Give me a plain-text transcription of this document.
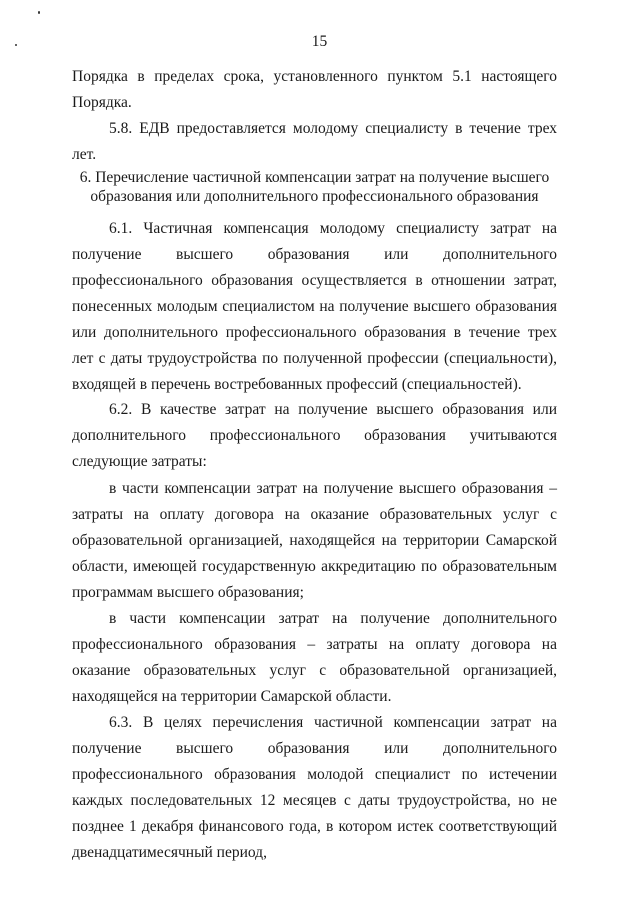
15

Порядка в пределах срока, установленного пунктом 5.1 настоящего Порядка.

5.8. ЕДВ предоставляется молодому специалисту в течение трех лет.

6. Перечисление частичной компенсации затрат на получение высшего
образования или дополнительного профессионального образования

6.1. Частичная компенсация молодому специалисту затрат на получение высшего образования или дополнительного профессионального образования осуществляется в отношении затрат, понесенных молодым специалистом на получение высшего образования или дополнительного профессионального образования в течение трех лет с даты трудоустройства по полученной профессии (специальности), входящей в перечень востребованных профессий (специальностей).

6.2. В качестве затрат на получение высшего образования или дополнительного профессионального образования учитываются следующие затраты:

в части компенсации затрат на получение высшего образования – затраты на оплату договора на оказание образовательных услуг с образовательной организацией, находящейся на территории Самарской области, имеющей государственную аккредитацию по образовательным программам высшего образования;

в части компенсации затрат на получение дополнительного профессионального образования – затраты на оплату договора на оказание образовательных услуг с образовательной организацией, находящейся на территории Самарской области.

6.3. В целях перечисления частичной компенсации затрат на получение высшего образования или дополнительного профессионального образования молодой специалист по истечении каждых последовательных 12 месяцев с даты трудоустройства, но не позднее 1 декабря финансового года, в котором истек соответствующий двенадцатимесячный период,
